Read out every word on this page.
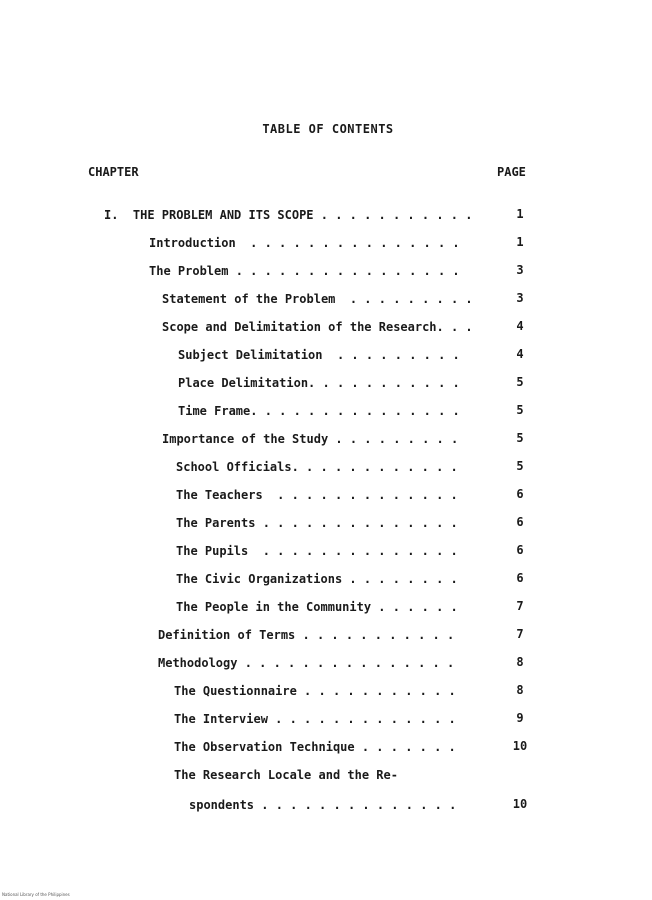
TABLE OF CONTENTS
CHAPTER	PAGE
I.  THE PROBLEM AND ITS SCOPE . . . . . . . . . . .	1
Introduction  . . . . . . . . . . . . . . .	1
The Problem . . . . . . . . . . . . . . . .	3
Statement of the Problem  . . . . . . . . .	3
Scope and Delimitation of the Research. . .	4
Subject Delimitation  . . . . . . . . .	4
Place Delimitation. . . . . . . . . . .	5
Time Frame. . . . . . . . . . . . . . .	5
Importance of the Study . . . . . . . . .	5
School Officials. . . . . . . . . . . .	5
The Teachers  . . . . . . . . . . . . .	6
The Parents . . . . . . . . . . . . . .	6
The Pupils  . . . . . . . . . . . . . .	6
The Civic Organizations . . . . . . . .	6
The People in the Community . . . . . .	7
Definition of Terms . . . . . . . . . . .	7
Methodology . . . . . . . . . . . . . . .	8
The Questionnaire . . . . . . . . . . .	8
The Interview . . . . . . . . . . . . .	9
The Observation Technique . . . . . . .	10
The Research Locale and the Re-
spondents . . . . . . . . . . . . . .	10
National Library of the Philippines
